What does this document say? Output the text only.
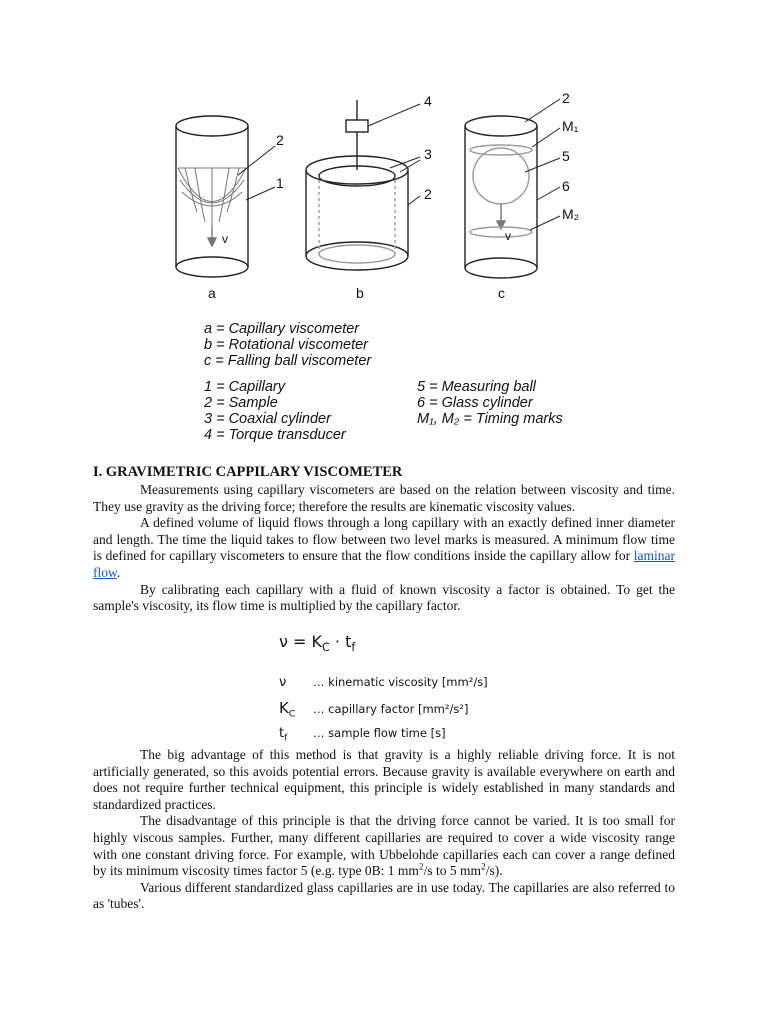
2
1
v
4
3
2
2
M₁
5
6
M₂
v
a	b	c
a = Capillary viscometer
b = Rotational viscometer
c = Falling ball viscometer
1 = Capillary
2 = Sample
3 = Coaxial cylinder
4 = Torque transducer
5 = Measuring ball
6 = Glass cylinder
M₁, M₂ = Timing marks
I. GRAVIMETRIC CAPPILARY VISCOMETER

Measurements using capillary viscometers are based on the relation between viscosity and time. They use gravity as the driving force; therefore the results are kinematic viscosity values.

A defined volume of liquid flows through a long capillary with an exactly defined inner diameter and length. The time the liquid takes to flow between two level marks is measured. A minimum flow time is defined for capillary viscometers to ensure that the flow conditions inside the capillary allow for laminar flow.

By calibrating each capillary with a fluid of known viscosity a factor is obtained. To get the sample's viscosity, its flow time is multiplied by the capillary factor.

$\nu = K_C \cdot t_f$
ν … kinematic viscosity [mm²/s]
$K_C$ … capillary factor [mm²/s²]
$t_f$ … sample flow time [s]

The big advantage of this method is that gravity is a highly reliable driving force. It is not artificially generated, so this avoids potential errors. Because gravity is available everywhere on earth and does not require further technical equipment, this principle is widely established in many standards and standardized practices.

The disadvantage of this principle is that the driving force cannot be varied. It is too small for highly viscous samples. Further, many different capillaries are required to cover a wide viscosity range with one constant driving force. For example, with Ubbelohde capillaries each can cover a range defined by its minimum viscosity times factor 5 (e.g. type 0B: 1 $mm^2/s$ to 5 $mm^2/s$).

Various different standardized glass capillaries are in use today. The capillaries are also referred to as 'tubes'.
